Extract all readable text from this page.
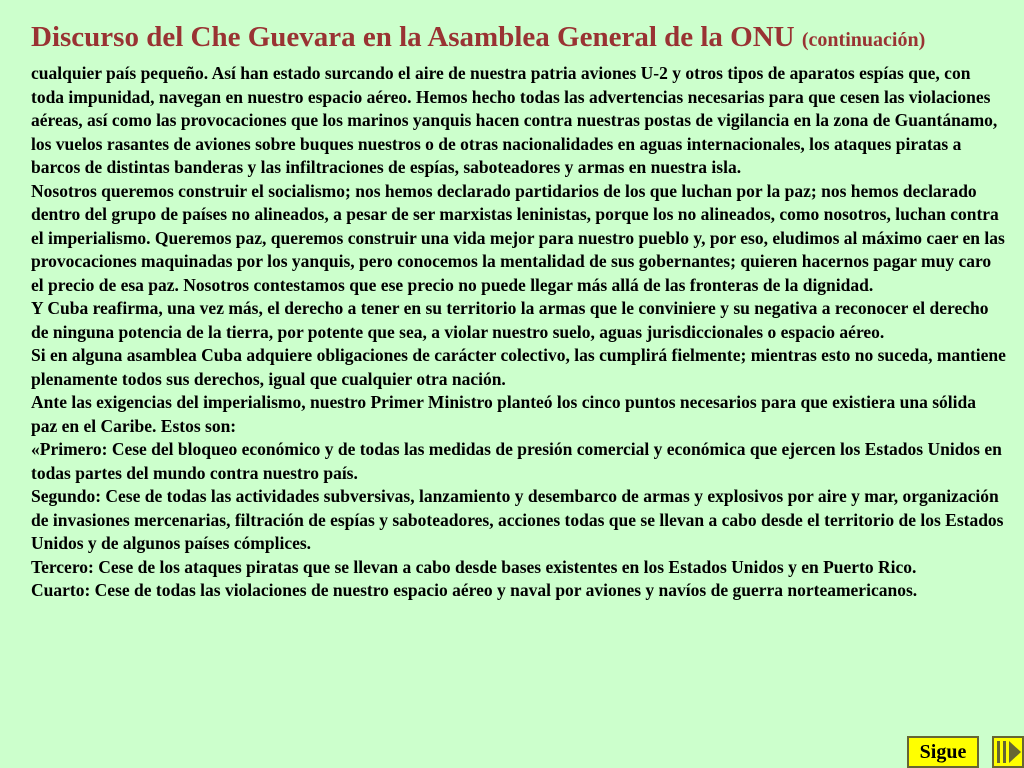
Discurso del Che Guevara en la Asamblea General de la ONU (continuación)

cualquier país pequeño. Así han estado surcando el aire de nuestra patria aviones U-2 y otros tipos de aparatos espías que, con toda impunidad, navegan en nuestro espacio aéreo. Hemos hecho todas las advertencias necesarias para que cesen las violaciones aéreas, así como las provocaciones que los marinos yanquis hacen contra nuestras postas de vigilancia en la zona de Guantánamo, los vuelos rasantes de aviones sobre buques nuestros o de otras nacionalidades en aguas internacionales, los ataques piratas a barcos de distintas banderas y las infiltraciones de espías, saboteadores y armas en nuestra isla.

Nosotros queremos construir el socialismo; nos hemos declarado partidarios de los que luchan por la paz; nos hemos declarado dentro del grupo de países no alineados, a pesar de ser marxistas leninistas, porque los no alineados, como nosotros, luchan contra el imperialismo. Queremos paz, queremos construir una vida mejor para nuestro pueblo y, por eso, eludimos al máximo caer en las provocaciones maquinadas por los yanquis, pero conocemos la mentalidad de sus gobernantes; quieren hacernos pagar muy caro el precio de esa paz. Nosotros contestamos que ese precio no puede llegar más allá de las fronteras de la dignidad.

Y Cuba reafirma, una vez más, el derecho a tener en su territorio la armas que le conviniere y su negativa a reconocer el derecho de ninguna potencia de la tierra, por potente que sea, a violar nuestro suelo, aguas jurisdiccionales o espacio aéreo.

Si en alguna asamblea Cuba adquiere obligaciones de carácter colectivo, las cumplirá fielmente; mientras esto no suceda, mantiene plenamente todos sus derechos, igual que cualquier otra nación.

Ante las exigencias del imperialismo, nuestro Primer Ministro planteó los cinco puntos necesarios para que existiera una sólida paz en el Caribe. Estos son:

«Primero: Cese del bloqueo económico y de todas las medidas de presión comercial y económica que ejercen los Estados Unidos en todas partes del mundo contra nuestro país.

Segundo: Cese de todas las actividades subversivas, lanzamiento y desembarco de armas y explosivos por aire y mar, organización de invasiones mercenarias, filtración de espías y saboteadores, acciones todas que se llevan a cabo desde el territorio de los Estados Unidos y de algunos países cómplices.

Tercero: Cese de los ataques piratas que se llevan a cabo desde bases existentes en los Estados Unidos y en Puerto Rico.

Cuarto: Cese de todas las violaciones de nuestro espacio aéreo y naval por aviones y navíos de guerra norteamericanos.

Sigue
